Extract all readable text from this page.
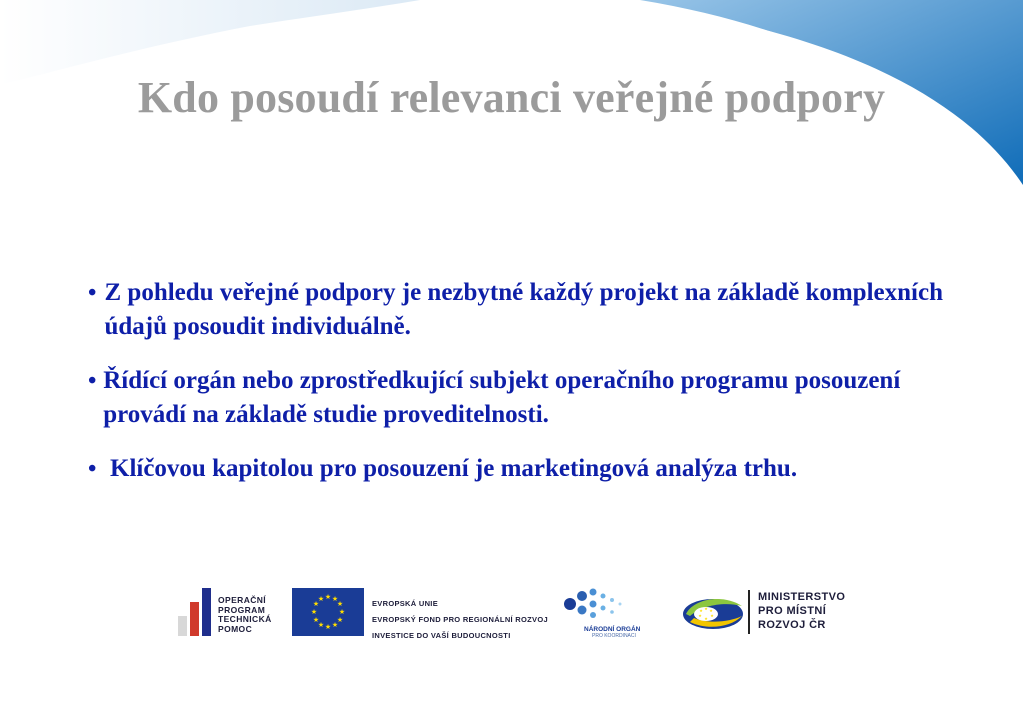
Kdo posoudí relevanci veřejné podpory
• Z pohledu veřejné podpory je nezbytné každý projekt na základě komplexních údajů posoudit individuálně.
• Řídící orgán nebo zprostředkující subjekt operačního programu posouzení provádí na základě studie proveditelnosti.
• Klíčovou kapitolou pro posouzení je marketingová analýza trhu.
OPERAČNÍ
PROGRAM
TECHNICKÁ
POMOC
★ ★
★
★
★
★
★
★
★
★
★
★	EVROPSKÁ UNIE
EVROPSKÝ FOND PRO REGIONÁLNÍ ROZVOJ
INVESTICE DO VAŠÍ BUDOUCNOSTI
NÁRODNÍ ORGÁN
PRO KOORDINACI
★ ★
★
★
★
★
MINISTERSTVO
PRO MÍSTNÍ
ROZVOJ ČR
